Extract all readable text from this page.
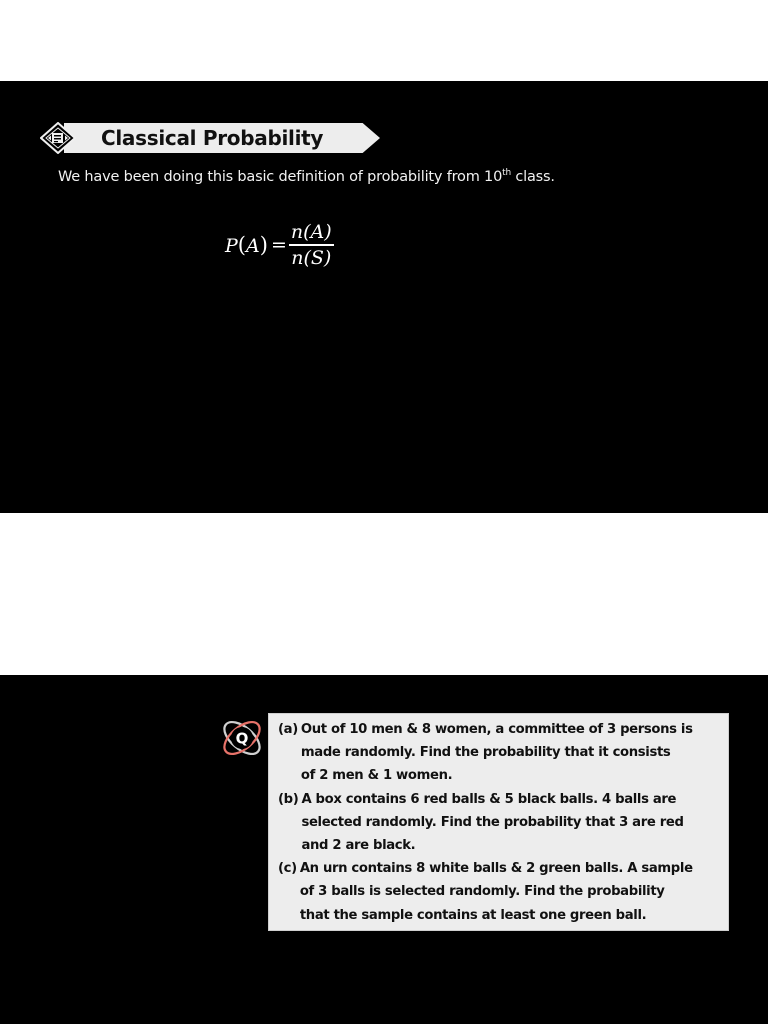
Classical Probability
We have been doing this basic definition of probability from 10th class.
$P(A) = \frac{n(A)}{n(S)}$
Q (a) Out of 10 men & 8 women, a committee of 3 persons is
made randomly. Find the probability that it consists
of 2 men & 1 women.
(b) A box contains 6 red balls & 5 black balls. 4 balls are
selected randomly. Find the probability that 3 are red
and 2 are black.
(c) An urn contains 8 white balls & 2 green balls. A sample
of 3 balls is selected randomly. Find the probability
that the sample contains at least one green ball.
